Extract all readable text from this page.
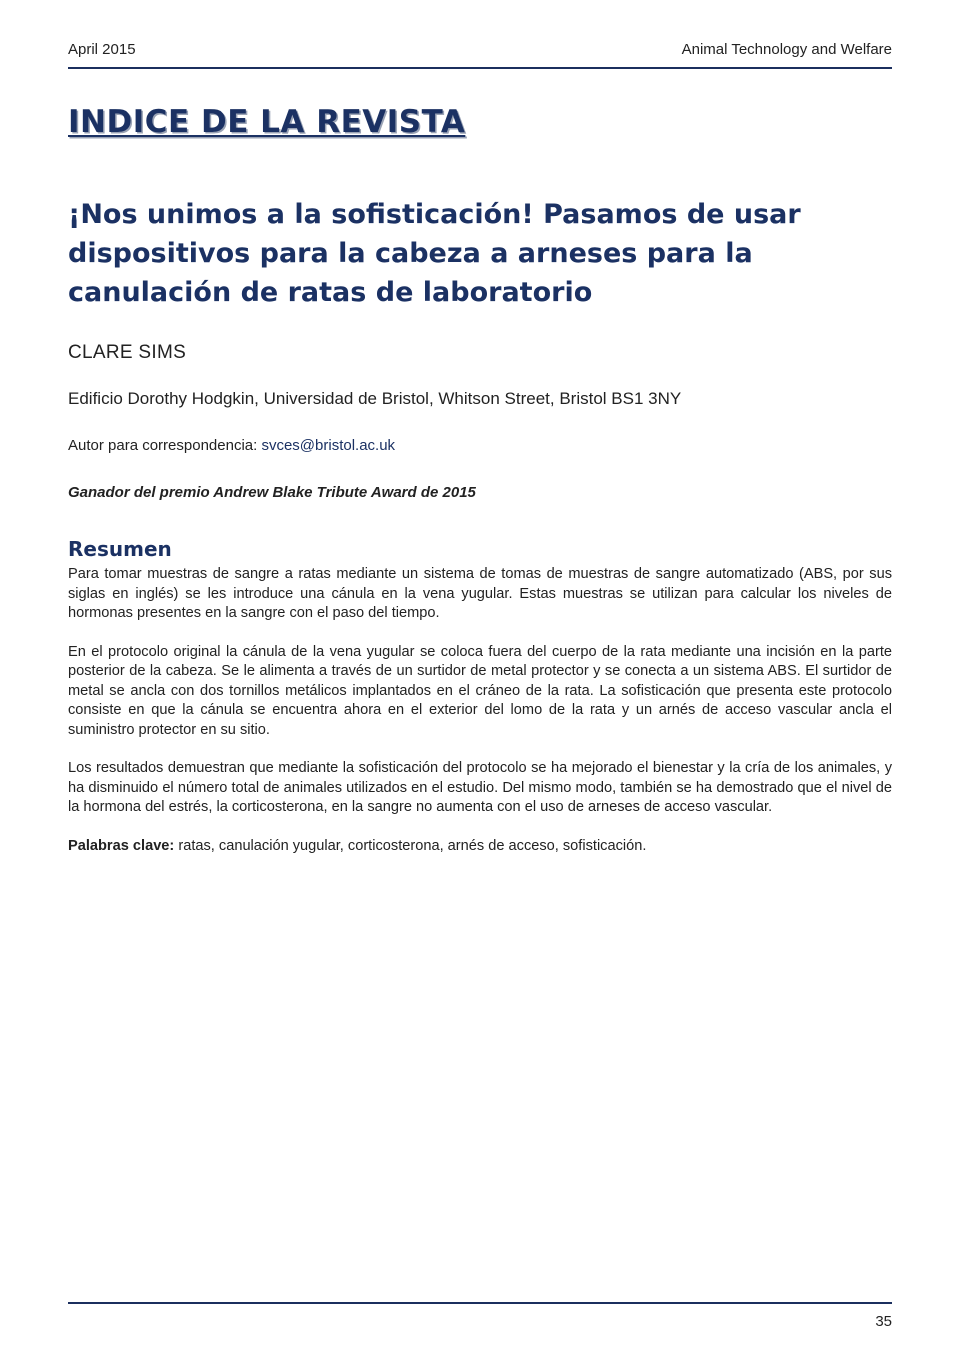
April 2015	Animal Technology and Welfare
INDICE DE LA REVISTA
¡Nos unimos a la sofisticación! Pasamos de usar dispositivos para la cabeza a arneses para la canulación de ratas de laboratorio
CLARE SIMS
Edificio Dorothy Hodgkin, Universidad de Bristol, Whitson Street, Bristol BS1 3NY
Autor para correspondencia: svces@bristol.ac.uk
Ganador del premio Andrew Blake Tribute Award de 2015
Resumen

Para tomar muestras de sangre a ratas mediante un sistema de tomas de muestras de sangre automatizado (ABS, por sus siglas en inglés) se les introduce una cánula en la vena yugular. Estas muestras se utilizan para calcular los niveles de hormonas presentes en la sangre con el paso del tiempo.

En el protocolo original la cánula de la vena yugular se coloca fuera del cuerpo de la rata mediante una incisión en la parte posterior de la cabeza. Se le alimenta a través de un surtidor de metal protector y se conecta a un sistema ABS. El surtidor de metal se ancla con dos tornillos metálicos implantados en el cráneo de la rata. La sofisticación que presenta este protocolo consiste en que la cánula se encuentra ahora en el exterior del lomo de la rata y un arnés de acceso vascular ancla el suministro protector en su sitio.

Los resultados demuestran que mediante la sofisticación del protocolo se ha mejorado el bienestar y la cría de los animales, y ha disminuido el número total de animales utilizados en el estudio. Del mismo modo, también se ha demostrado que el nivel de la hormona del estrés, la corticosterona, en la sangre no aumenta con el uso de arneses de acceso vascular.

Palabras clave: ratas, canulación yugular, corticosterona, arnés de acceso, sofisticación.

35
